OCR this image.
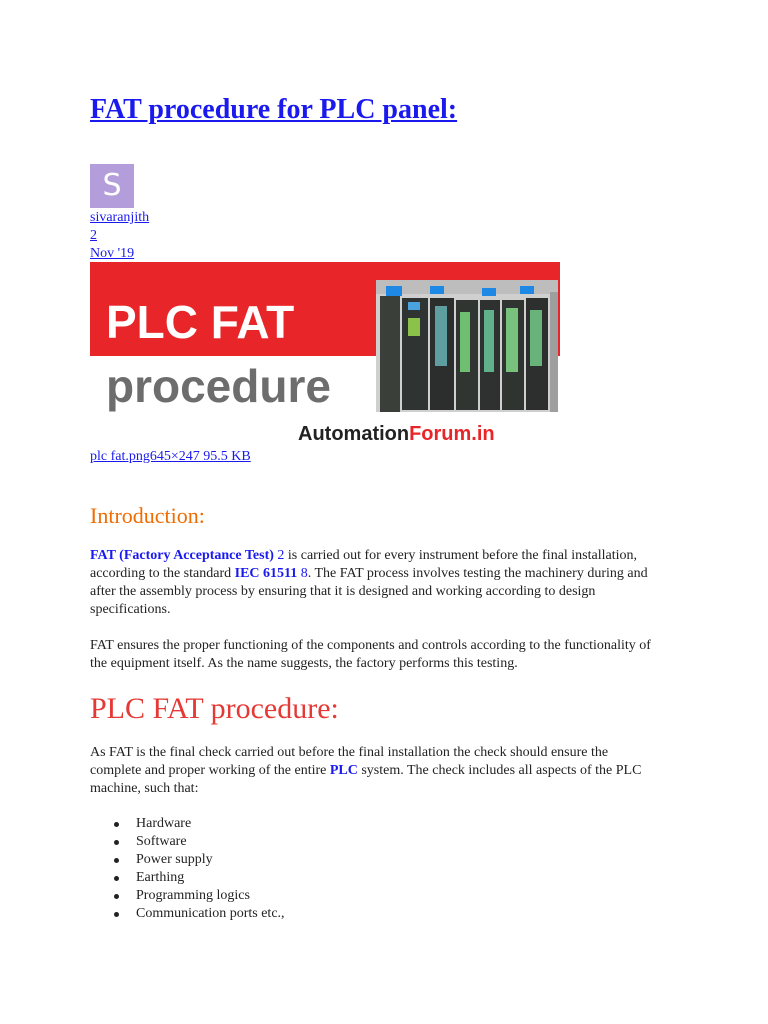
FAT procedure for PLC panel:
S
sivaranjith
2
Nov '19
PLC FAT
procedure
AutomationForum.in
plc fat.png645×247 95.5 KB
Introduction:

FAT (Factory Acceptance Test) 2 is carried out for every instrument before the final installation, according to the standard IEC 61511 8. The FAT process involves testing the machinery during and after the assembly process by ensuring that it is designed and working according to design specifications.

FAT ensures the proper functioning of the components and controls according to the functionality of the equipment itself. As the name suggests, the factory performs this testing.

PLC FAT procedure:

As FAT is the final check carried out before the final installation the check should ensure the complete and proper working of the entire PLC system. The check includes all aspects of the PLC machine, such that:

Hardware
Software
Power supply
Earthing
Programming logics
Communication ports etc.,
